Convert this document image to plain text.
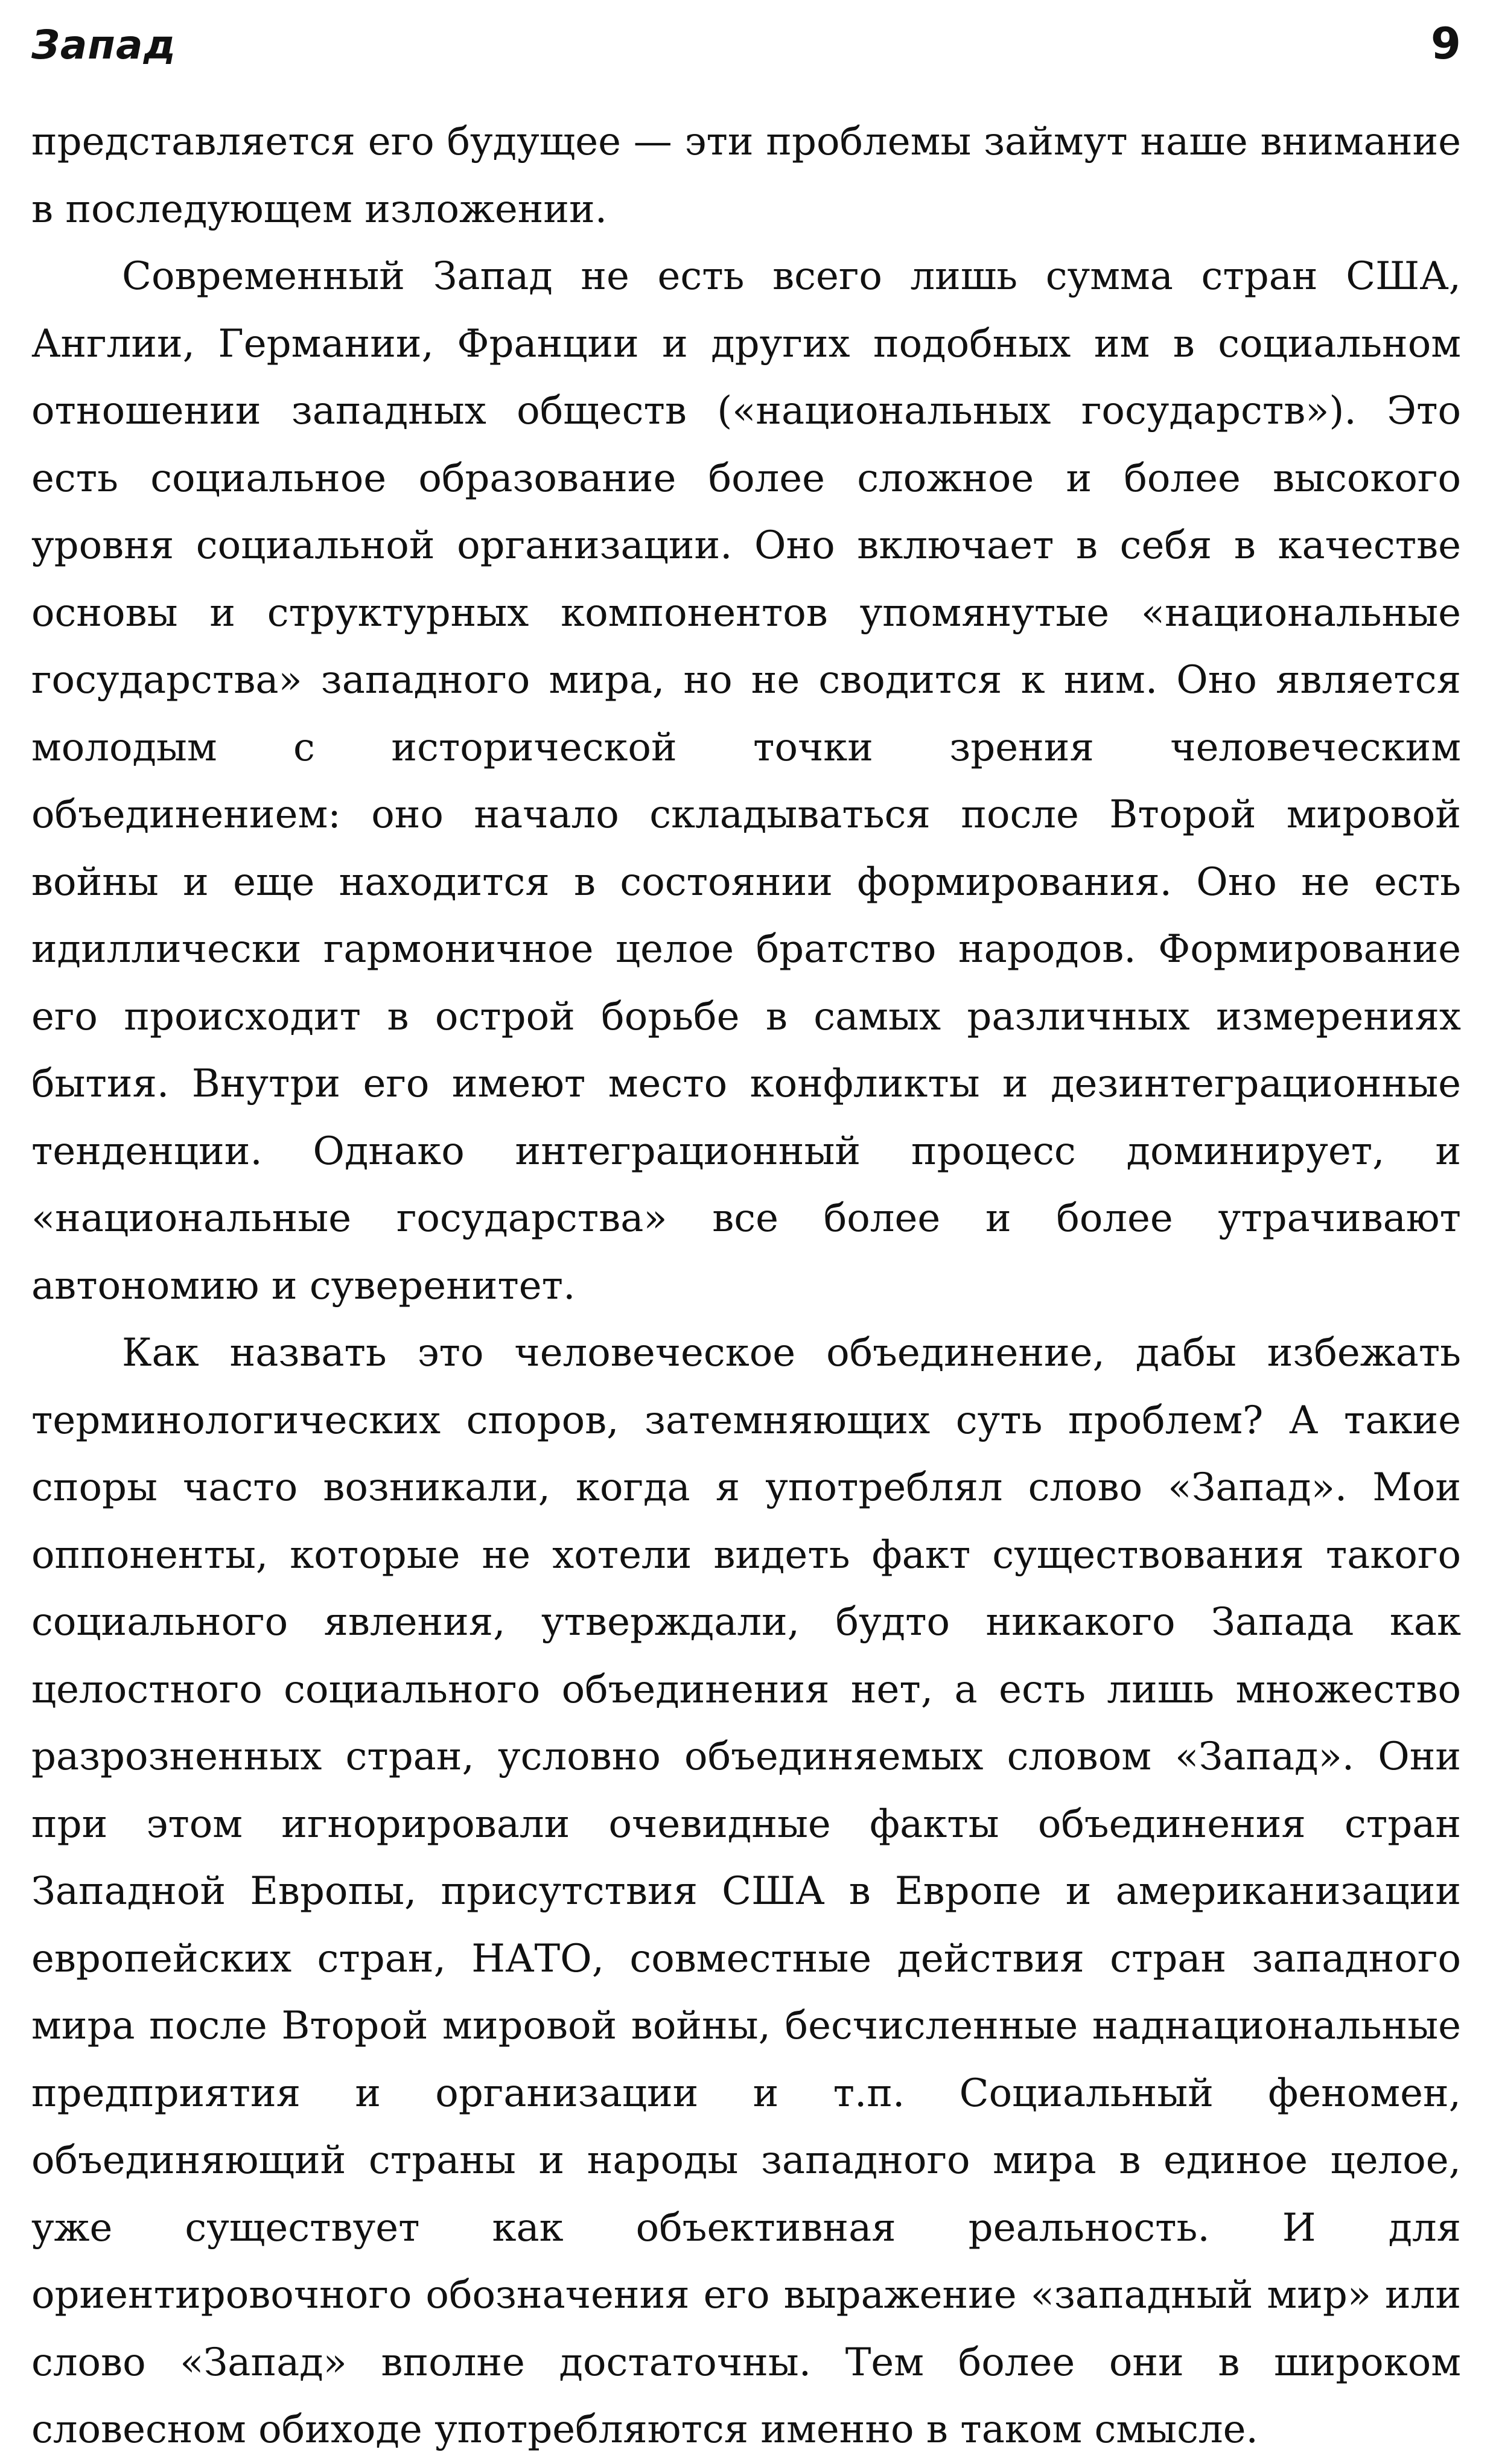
Запад	9

представляется его будущее — эти проблемы займут наше внимание в последующем изложении.

Современный Запад не есть всего лишь сумма стран США, Англии, Германии, Франции и других подобных им в социальном отношении западных обществ («национальных государств»). Это есть социальное образование более сложное и более высокого уровня социальной организации. Оно включает в себя в качестве основы и структурных компонентов упомянутые «национальные государства» западного мира, но не сводится к ним. Оно является молодым с исторической точки зрения человеческим объединением: оно начало складываться после Второй мировой войны и еще находится в состоянии формирования. Оно не есть идиллически гармоничное целое братство народов. Формирование его происходит в острой борьбе в самых различных измерениях бытия. Внутри его имеют место конфликты и дезинтеграционные тенденции. Однако интеграционный процесс доминирует, и «национальные государства» все более и более утрачивают автономию и суверенитет.

Как назвать это человеческое объединение, дабы избежать терминологических споров, затемняющих суть проблем? А такие споры часто возникали, когда я употреблял слово «Запад». Мои оппоненты, которые не хотели видеть факт существования такого социального явления, утверждали, будто никакого Запада как целостного социального объединения нет, а есть лишь множество разрозненных стран, условно объединяемых словом «Запад». Они при этом игнорировали очевидные факты объединения стран Западной Европы, присутствия США в Европе и американизации европейских стран, НАТО, совместные действия стран западного мира после Второй мировой войны, бесчисленные наднациональные предприятия и организации и т.п. Социальный феномен, объединяющий страны и народы западного мира в единое целое, уже существует как объективная реальность. И для ориентировочного обозначения его выражение «западный мир» или слово «Запад» вполне достаточны. Тем более они в широком словесном обиходе употребляются именно в таком смысле.
